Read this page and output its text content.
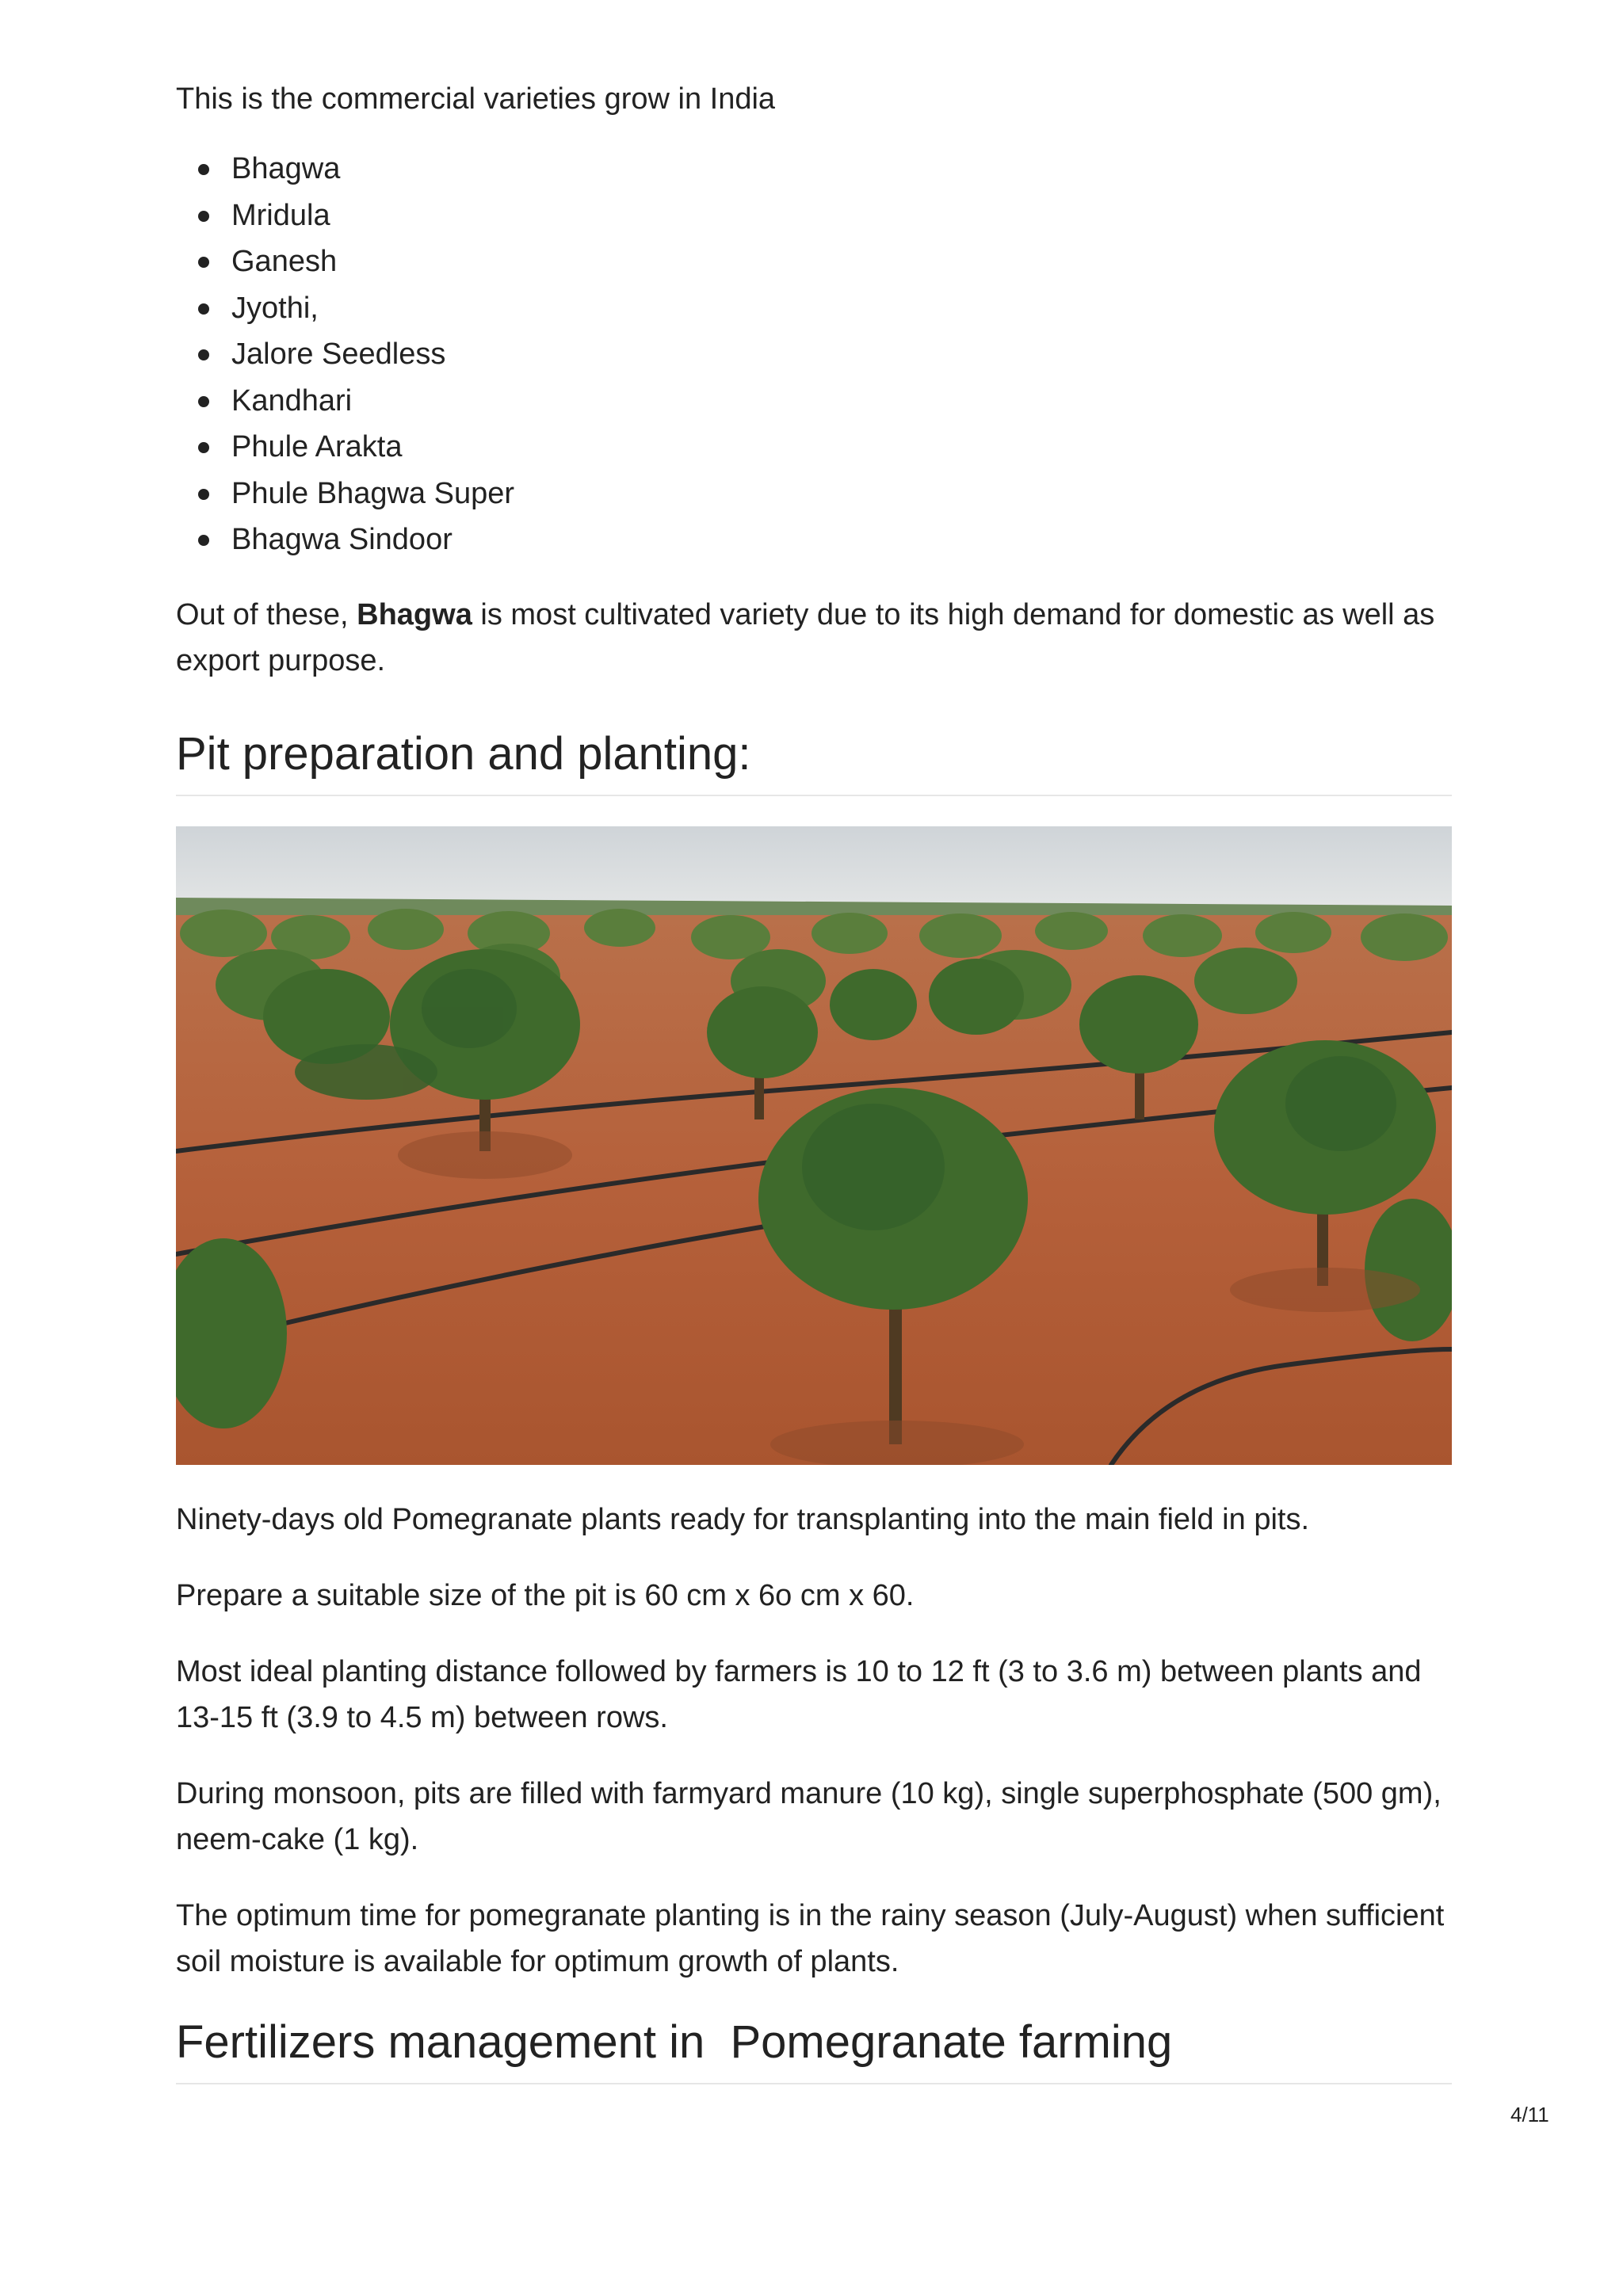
This is the commercial varieties grow in India

Bhagwa
Mridula
Ganesh
Jyothi,
Jalore Seedless
Kandhari
Phule Arakta
Phule Bhagwa Super
Bhagwa Sindoor

Out of these, Bhagwa is most cultivated variety due to its high demand for domestic as well as export purpose.

Pit preparation and planting:

Ninety-days old Pomegranate plants ready for transplanting into the main field in pits.

Prepare a suitable size of the pit is 60 cm x 6o cm x 60.

Most ideal planting distance followed by farmers is 10 to 12 ft (3 to 3.6 m) between plants and 13-15 ft (3.9 to 4.5 m) between rows.

During monsoon, pits are filled with farmyard manure (10 kg), single superphosphate (500 gm), neem-cake (1 kg).

The optimum time for pomegranate planting is in the rainy season (July-August) when sufficient soil moisture is available for optimum growth of plants.

Fertilizers management in  Pomegranate farming
4/11
